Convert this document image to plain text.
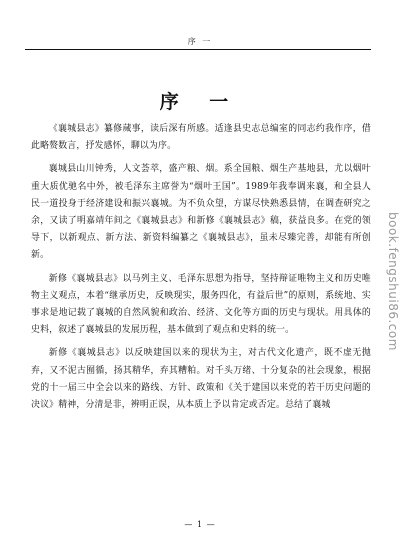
序 一
序 一

《襄城县志》纂修蒇事，读后深有所感。适逢县史志总编室的同志约我作序，借此略赘数言，抒发感怀，聊以为序。

襄城县山川钟秀，人文荟萃，盛产粮、烟。系全国粮、烟生产基地县，尤以烟叶重大质优驰名中外，被毛泽东主席誉为“烟叶王国”。1989年我奉调来襄，和全县人民一道投身于经济建设和振兴襄城。为不负众望，方谋尽快熟悉县情，在调查研究之余，又读了明嘉靖年间之《襄城县志》和新修《襄城县志》稿，获益良多。在党的领导下，以新观点、新方法、新资料编纂之《襄城县志》，虽未尽臻完善，却能有所创新。

新修《襄城县志》以马列主义、毛泽东思想为指导，坚持辩证唯物主义和历史唯物主义观点，本着“继承历史，反映现实，服务四化，有益后世”的原则，系统地、实事求是地记载了襄城的自然风貌和政治、经济、文化等方面的历史与现状。用具体的史料，叙述了襄城县的发展历程，基本做到了观点和史料的统一。

新修《襄城县志》以反映建国以来的现状为主，对古代文化遗产，既不虚无抛弃，又不泥古囿循，扬其精华，弃其糟粕。对千头万绪、十分复杂的社会现象，根据党的十一届三中全会以来的路线、方针、政策和《关于建国以来党的若干历史问题的决议》精神，分清是非，辨明正误，从本质上予以肯定或否定。总结了襄城

— 1 —
book.fengshui86.com
